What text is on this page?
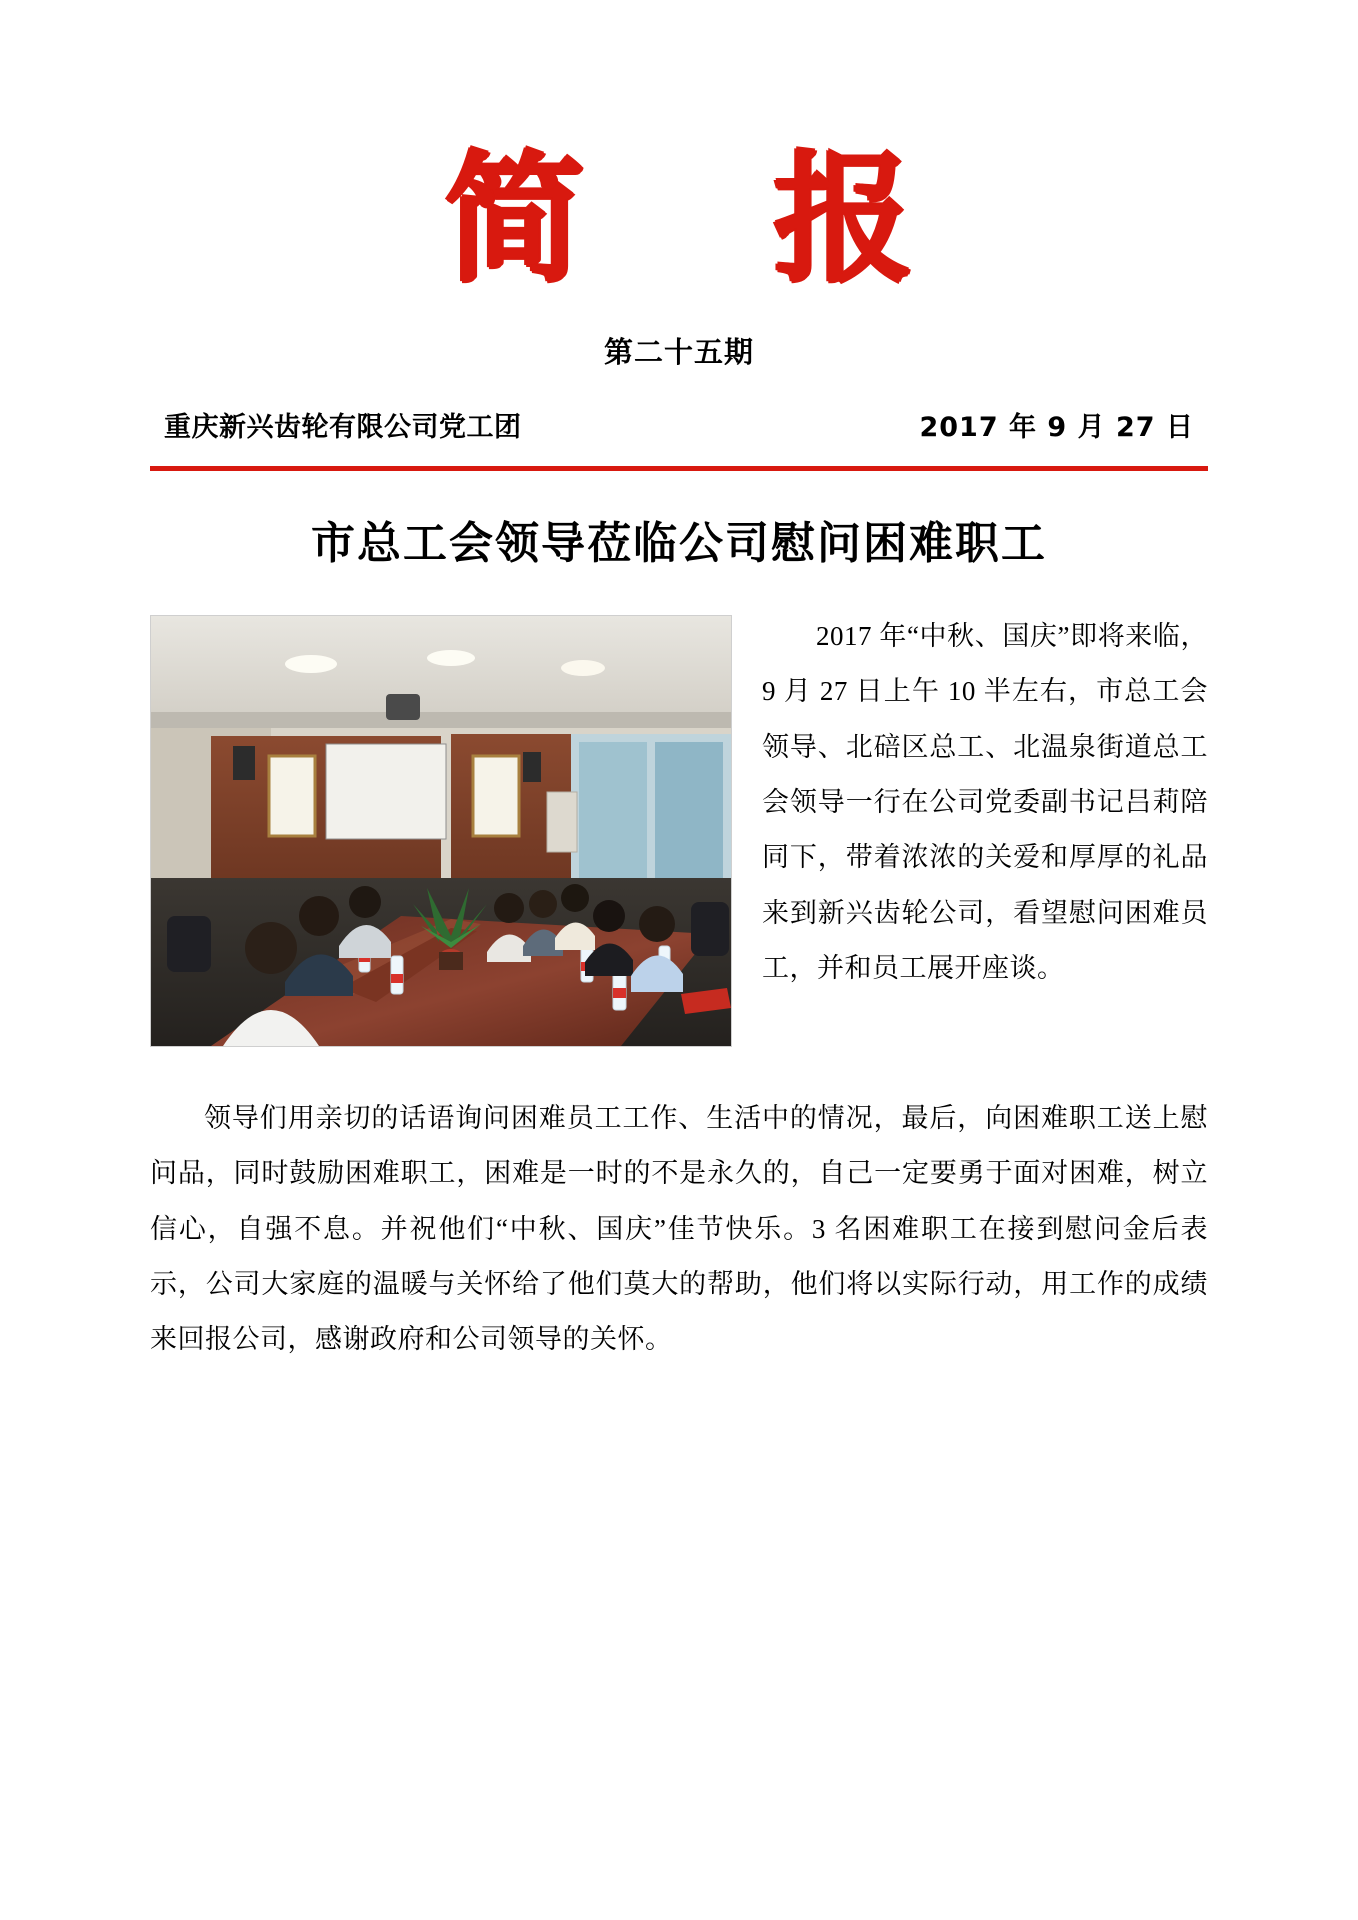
简 报
第二十五期
重庆新兴齿轮有限公司党工团	2017 年 9 月 27 日
市总工会领导莅临公司慰问困难职工

2017 年“中秋、国庆”即将来临，9 月 27 日上午 10 半左右，市总工会领导、北碚区总工、北温泉街道总工会领导一行在公司党委副书记吕莉陪同下，带着浓浓的关爱和厚厚的礼品来到新兴齿轮公司，看望慰问困难员工，并和员工展开座谈。

领导们用亲切的话语询问困难员工工作、生活中的情况，最后，向困难职工送上慰问品，同时鼓励困难职工，困难是一时的不是永久的，自己一定要勇于面对困难，树立信心，自强不息。并祝他们“中秋、国庆”佳节快乐。3 名困难职工在接到慰问金后表示，公司大家庭的温暖与关怀给了他们莫大的帮助，他们将以实际行动，用工作的成绩来回报公司，感谢政府和公司领导的关怀。
